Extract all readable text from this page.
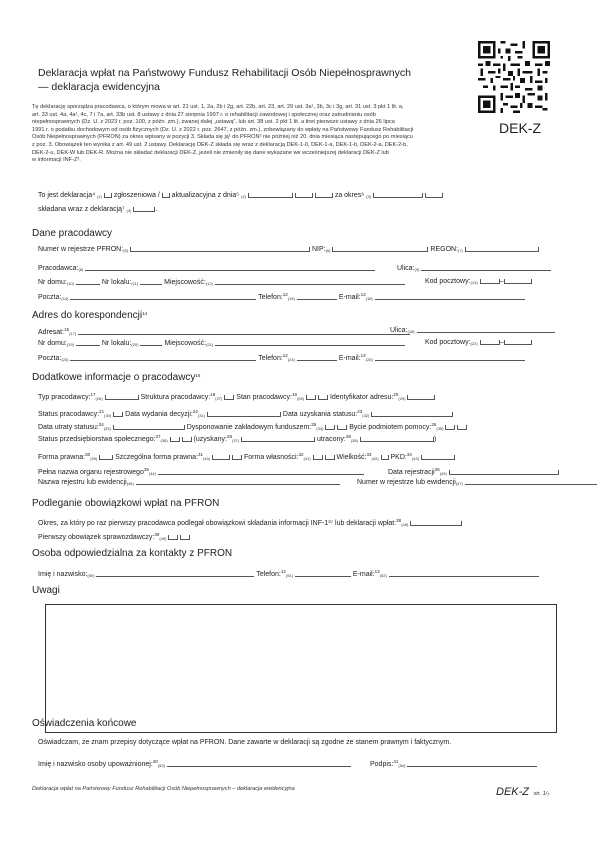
DEK-Z
Deklaracja wpłat na Państwowy Fundusz Rehabilitacji Osób Niepełnosprawnych
— deklaracja ewidencyjna
Tę deklarację sporządza pracodawca, o którym mowa w art. 21 ust. 1, 2a, 2b i 2g, art. 22b, art. 23, art. 29 ust. 3a¹, 3b, 3c i 3g, art. 31 ust. 3 pkt 1 lit. a,
art. 33 ust. 4a, 4a¹, 4c, 7 i 7a, art. 33b ust. 8 ustawy z dnia 27 sierpnia 1997 r. o rehabilitacji zawodowej i społecznej oraz zatrudnianiu osób
niepełnosprawnych (Dz. U. z 2023 r. poz. 100, z późn. zm.), zwanej dalej „ustawą”, lub art. 38 ust. 2 pkt 1 lit. a tiret pierwsze ustawy z dnia 26 lipca
1991 r. o podatku dochodowym od osób fizycznych (Dz. U. z 2022 r. poz. 2647, z późn. zm.), zobowiązany do wpłaty na Państwowy Fundusz Rehabilitacji
Osób Niepełnosprawnych (PFRON) za okres wpisany w pozycji 3. Składa się ją¹ do PFRON² nie później niż 20. dnia miesiąca następującego po miesiącu
z poz. 3. Obowiązek ten wynika z art. 49 ust. 2 ustawy. Deklarację DEK-Z składa się wraz z deklaracją DEK-1-0, DEK-1-a, DEK-1-b, DEK-2-a, DEK-2-b,
DEK-2-u, DEK-W lub DEK-R. Można nie składać deklaracji DEK-Z, jeżeli nie zmieniły się dane wykazane we wcześniejszej deklaracji DEK-Z lub
w informacji INF-Z³.
To jest deklaracja⁴ (1) zgłoszeniowa / aktualizacyjna z dnia⁵ (2)	za okres⁶ (3)
składana wraz z deklaracją⁷ (4)	.
Dane pracodawcy
Numer w rejestrze PFRON:(5)	NIP:(6)	REGON:(7)
Pracodawca:(8)	Ulica:(9)
Nr domu:(10)	Nr lokalu:(11)	Miejscowość:(12)	Kod pocztowy:(13)	–
Poczta:(14)	Telefon:$^{12}$(15)	E-mail:$^{13}$(16)
Adres do korespondencji$^{14}$
Adresat:$^{15}$(17)	Ulica:(18)
Nr domu:(19)	Nr lokalu:(20)	Miejscowość:(21)	Kod pocztowy:(22)	–
Poczta:(23)	Telefon:$^{12}$(24)	E-mail:$^{13}$(25)
Dodatkowe informacje o pracodawcy$^{16}$
Typ pracodawcy:$^{17}$(26)	Struktura pracodawcy:$^{18}$(27) Stan pracodawcy:$^{19}$(28)	Identyfikator adresu:$^{20}$(29)
Status pracodawcy:$^{21}$(30) Data wydania decyzji:$^{22}$(31)	Data uzyskania statusu:$^{23}$(32)
Data utraty statusu:$^{24}$(33)	Dysponowanie zakładowym funduszem:$^{25}$(34)	Bycie podmiotem pomocy:$^{26}$(35)
Status przedsiębiorstwa społecznego:$^{27}$(36)	(uzyskany:$^{28}$(37)	utracony:$^{29}$(38)	)
Forma prawna:$^{30}$(39)	Szczególna forma prawna:$^{31}$(40)	Forma własności:$^{32}$(41)	Wielkość:$^{33}$(42) PKD:$^{34}$(43)
Pełna nazwa organu rejestrowego$^{35}$(44)	Data rejestracji$^{36}$(45)
Nazwa rejestru lub ewidencji(46)	Numer w rejestrze lub ewidencji(47)
Podleganie obowiązkowi wpłat na PFRON
Okres, za który po raz pierwszy pracodawca podlegał obowiązkowi składania informacji INF-1³⁷ lub deklaracji wpłat:$^{38}$(48)
Pierwszy obowiązek sprawozdawczy:$^{39}$(49)
Osoba odpowiedzialna za kontakty z PFRON
Imię i nazwisko:(50)	Telefon:$^{12}$(51)	E-mail:$^{13}$(52)
Uwagi
Oświadczenia końcowe
Oświadczam, że znam przepisy dotyczące wpłat na PFRON. Dane zawarte w deklaracji są zgodne ze stanem prawnym i faktycznym.
Imię i nazwisko osoby upoważnionej:$^{40}$(53)	Podpis:$^{41}$(54)
Deklaracja wpłat na Państwowy Fundusz Rehabilitacji Osób Niepełnosprawnych – deklaracja ewidencyjna	DEK-Z str. 1/₇
